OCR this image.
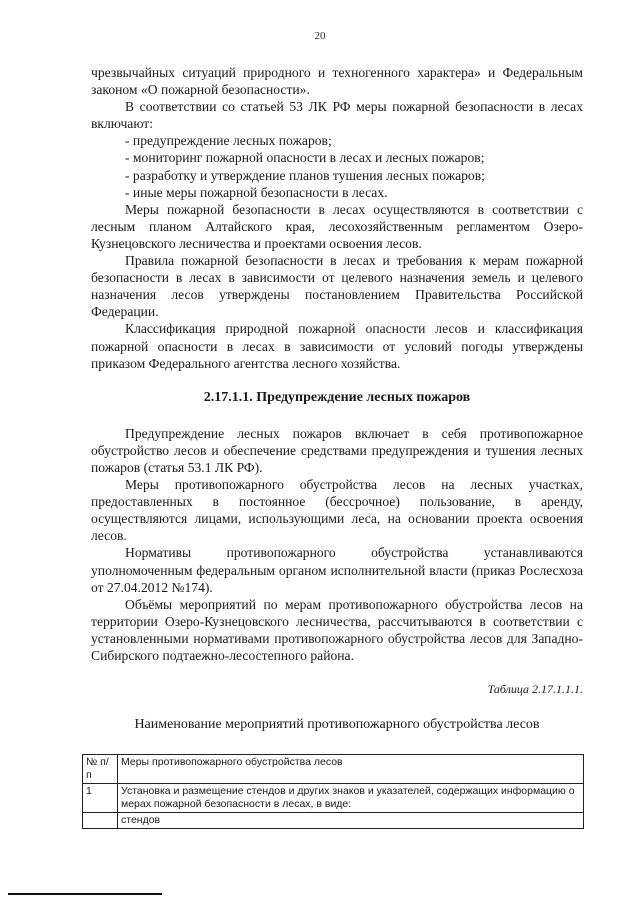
20

чрезвычайных ситуаций природного и техногенного характера» и Федеральным законом «О пожарной безопасности».

В соответствии со статьей 53 ЛК РФ меры пожарной безопасности в лесах включают:

- предупреждение лесных пожаров;

- мониторинг пожарной опасности в лесах и лесных пожаров;

- разработку и утверждение планов тушения лесных пожаров;

- иные меры пожарной безопасности в лесах.

Меры пожарной безопасности в лесах осуществляются в соответствии с лесным планом Алтайского края, лесохозяйственным регламентом Озеро-Кузнецовского лесничества и проектами освоения лесов.

Правила пожарной безопасности в лесах и требования к мерам пожарной безопасности в лесах в зависимости от целевого назначения земель и целевого назначения лесов утверждены постановлением Правительства Российской Федерации.

Классификация природной пожарной опасности лесов и классификация пожарной опасности в лесах в зависимости от условий погоды утверждены приказом Федерального агентства лесного хозяйства.

2.17.1.1. Предупреждение лесных пожаров

Предупреждение лесных пожаров включает в себя противопожарное обустройство лесов и обеспечение средствами предупреждения и тушения лесных пожаров (статья 53.1 ЛК РФ).

Меры противопожарного обустройства лесов на лесных участках, предоставленных в постоянное (бессрочное) пользование, в аренду, осуществляются лицами, использующими леса, на основании проекта освоения лесов.

Нормативы противопожарного обустройства устанавливаются уполномоченным федеральным органом исполнительной власти (приказ Рослесхоза от 27.04.2012 №174).

Объёмы мероприятий по мерам противопожарного обустройства лесов на территории Озеро-Кузнецовского лесничества, рассчитываются в соответствии с установленными нормативами противопожарного обустройства лесов для Западно-Сибирского подтаежно-лесостепного района.

Таблица 2.17.1.1.1.

Наименование мероприятий противопожарного обустройства лесов

№ п/п	Меры противопожарного обустройства лесов
1	Установка и размещение стендов и других знаков и указателей, содержащих информацию о мерах пожарной безопасности в лесах, в виде:
	стендов
